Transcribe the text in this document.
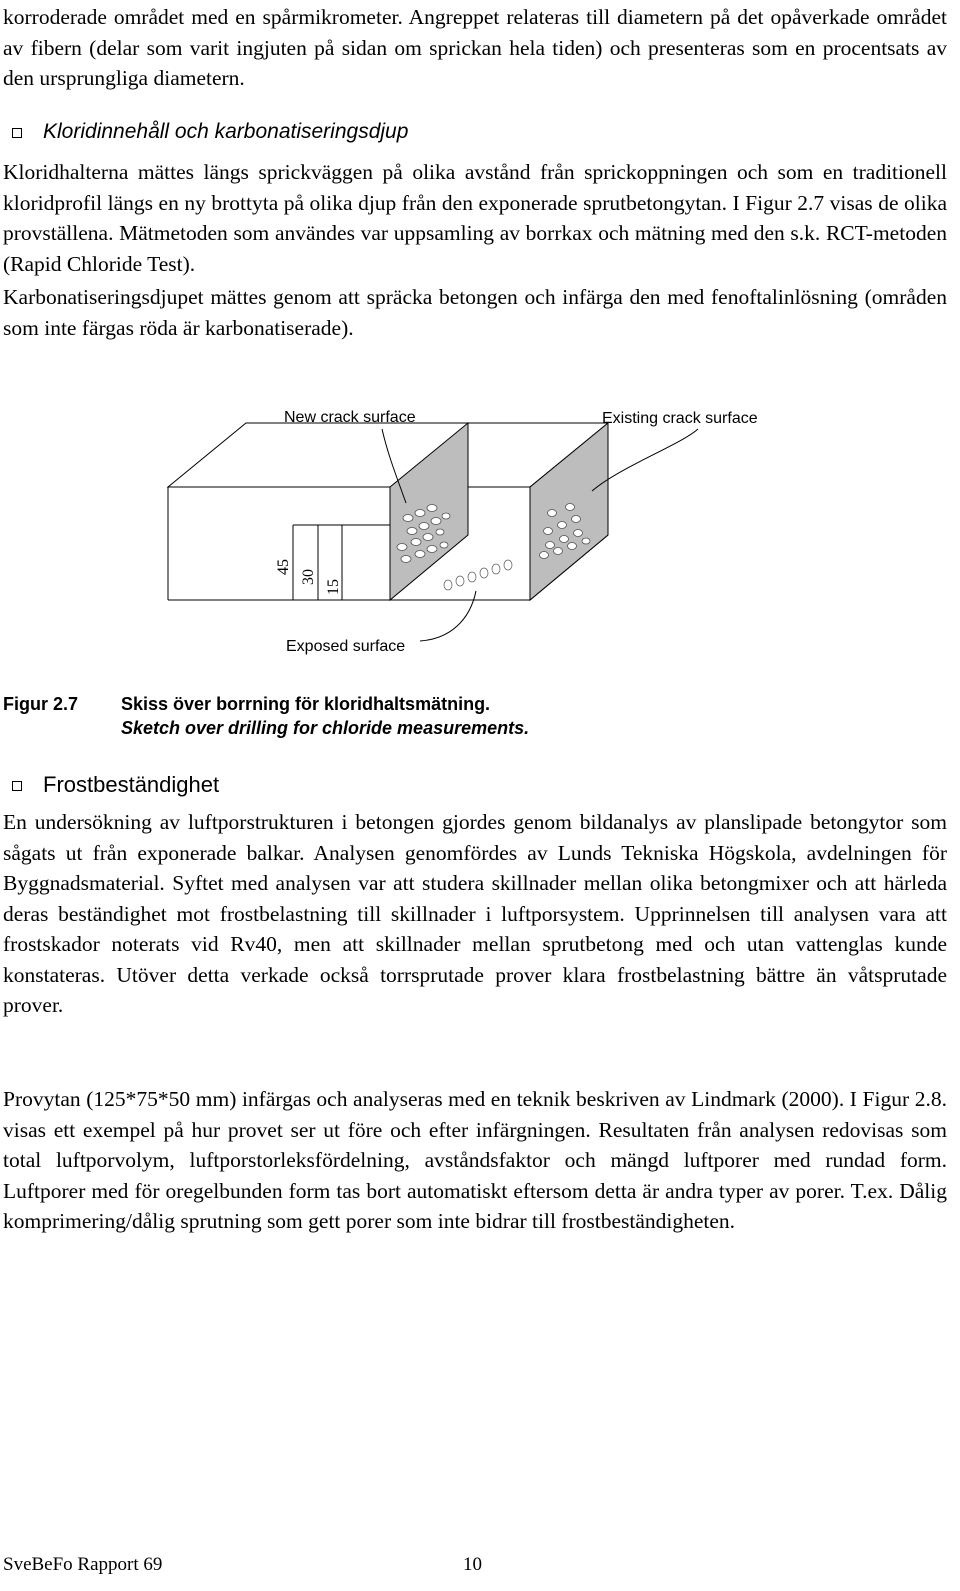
korroderade området med en spårmikrometer. Angreppet relateras till diametern på det opåverkade området av fibern (delar som varit ingjuten på sidan om sprickan hela tiden) och presenteras som en procentsats av den ursprungliga diametern.

Kloridinnehåll och karbonatiseringsdjup

Kloridhalterna mättes längs sprickväggen på olika avstånd från sprickoppningen och som en traditionell kloridprofil längs en ny brottyta på olika djup från den exponerade sprutbetongytan. I Figur 2.7 visas de olika provställena. Mätmetoden som användes var uppsamling av borrkax och mätning med den s.k. RCT-metoden (Rapid Chloride Test).

Karbonatiseringsdjupet mättes genom att spräcka betongen och infärga den med fenoftalinlösning (områden som inte färgas röda är karbonatiserade).

New crack surface	Existing crack surface
Exposed surface
45
30
15
Figur 2.7 Skiss över borrning för kloridhaltsmätning.
Sketch over drilling for chloride measurements.
Frostbeständighet

En undersökning av luftporstrukturen i betongen gjordes genom bildanalys av planslipade betongytor som sågats ut från exponerade balkar. Analysen genomfördes av Lunds Tekniska Högskola, avdelningen för Byggnadsmaterial. Syftet med analysen var att studera skillnader mellan olika betongmixer och att härleda deras beständighet mot frostbelastning till skillnader i luftporsystem. Upprinnelsen till analysen vara att frostskador noterats vid Rv40, men att skillnader mellan sprutbetong med och utan vattenglas kunde konstateras. Utöver detta verkade också torrsprutade prover klara frostbelastning bättre än våtsprutade prover.

Provytan (125*75*50 mm) infärgas och analyseras med en teknik beskriven av Lindmark (2000). I Figur 2.8. visas ett exempel på hur provet ser ut före och efter infärgningen. Resultaten från analysen redovisas som total luftporvolym, luftporstorleksfördelning, avståndsfaktor och mängd luftporer med rundad form. Luftporer med för oregelbunden form tas bort automatiskt eftersom detta är andra typer av porer. T.ex. Dålig komprimering/dålig sprutning som gett porer som inte bidrar till frostbeständigheten.

SveBeFo Rapport 69	10
